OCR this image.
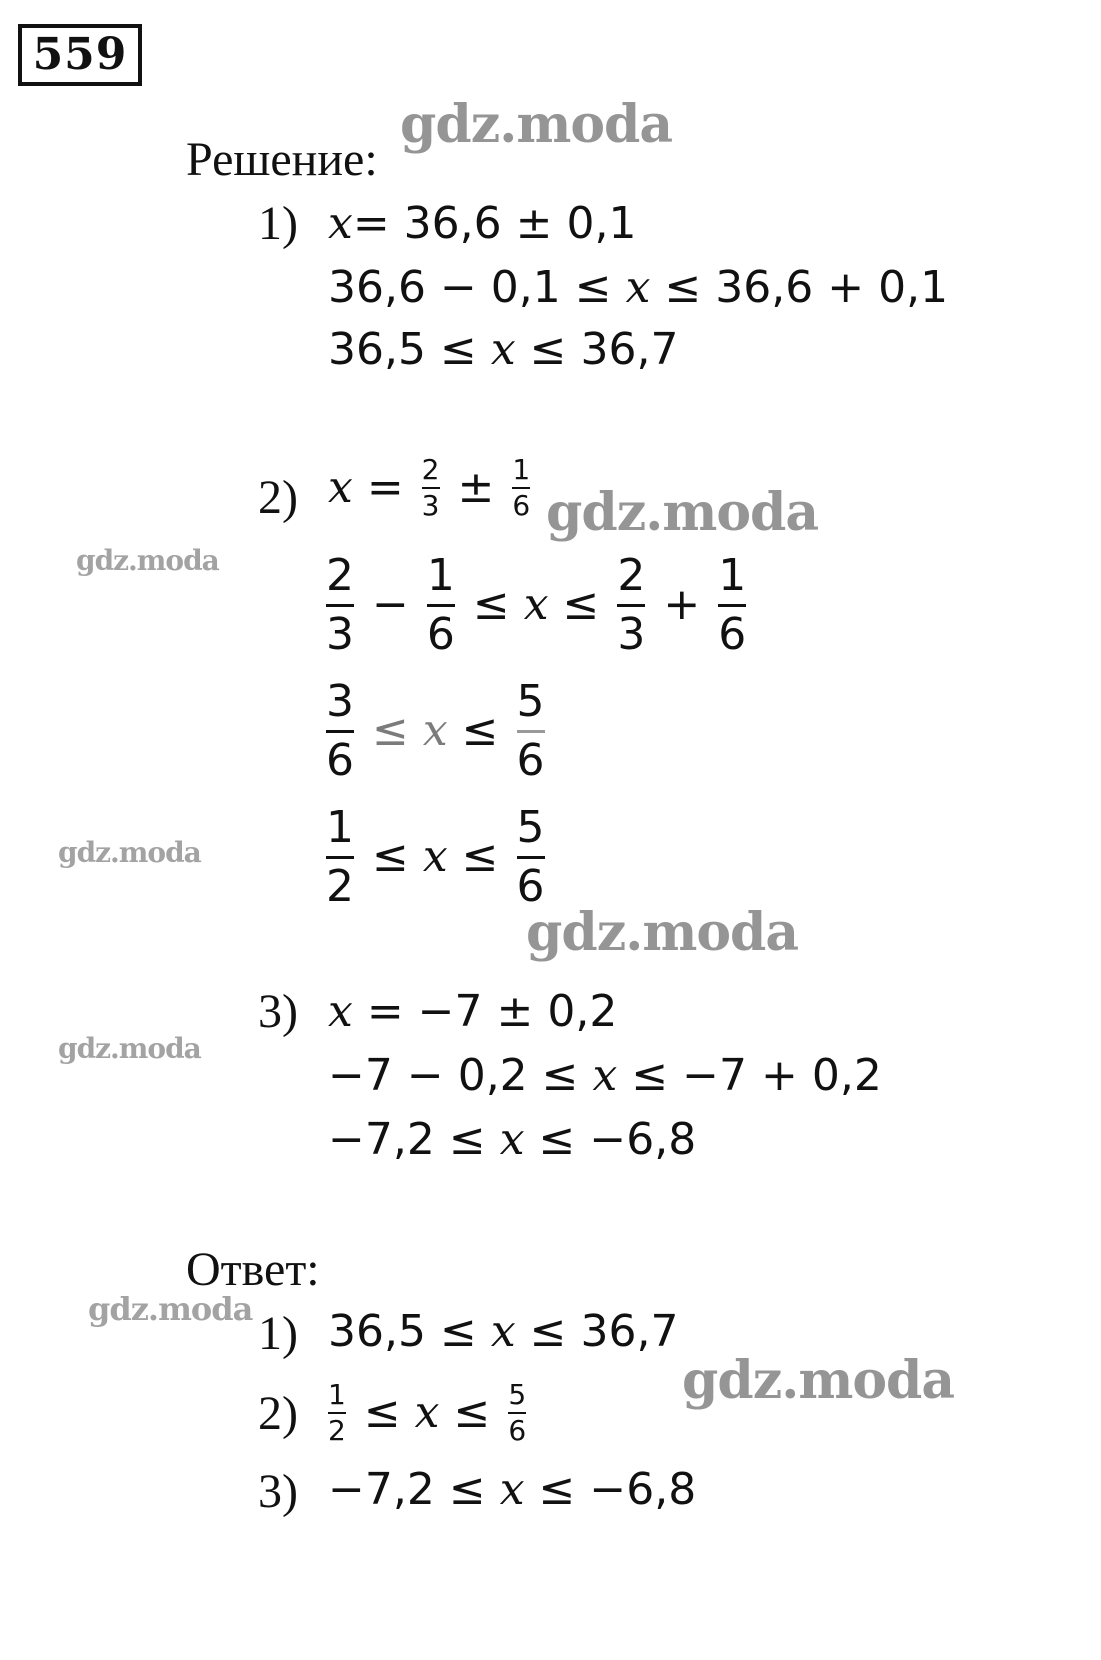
559
Решение:
1) x= 36,6 ± 0,1
36,6 − 0,1 ≤ x ≤ 36,6 + 0,1
36,5 ≤ x ≤ 36,7
2) $x = \frac{2}{3} \pm \frac{1}{6}$
$\frac{2}{3} - \frac{1}{6} \le x \le \frac{2}{3} + \frac{1}{6}$
$\frac{3}{6} \le x \le \frac{5}{6}$
$\frac{1}{2} \le x \le \frac{5}{6}$
3) x = −7 ± 0,2
−7 − 0,2 ≤ x ≤ −7 + 0,2
−7,2 ≤ x ≤ −6,8
Ответ:
1) 36,5 ≤ x ≤ 36,7
$2) \frac{1}{2} \le x \le \frac{5}{6}$
3) −7,2 ≤ x ≤ −6,8
gdz.moda
gdz.moda
gdz.moda
gdz.moda
gdz.moda
gdz.moda
gdz.moda
gdz.moda
